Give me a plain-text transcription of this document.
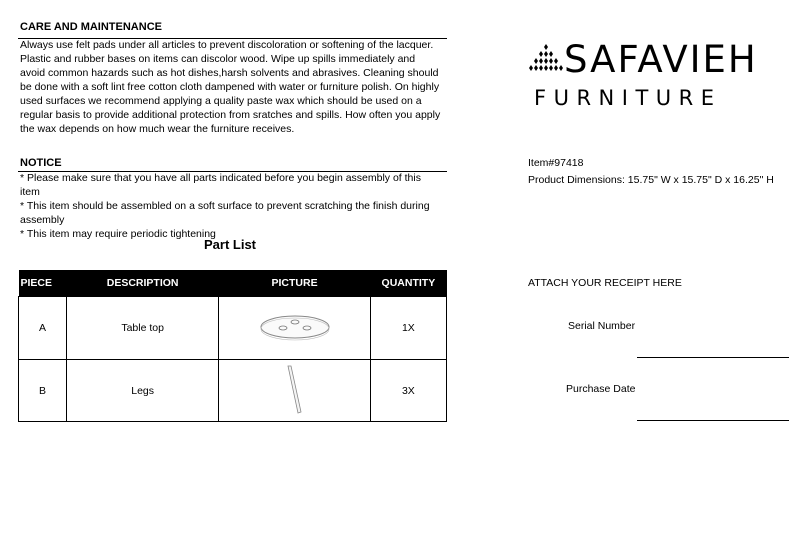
CARE AND MAINTENANCE
Always use felt pads under all articles to prevent discoloration or softening of the lacquer.
Plastic and rubber bases on items can discolor wood. Wipe up spills immediately and
avoid common hazards such as hot dishes,harsh solvents and abrasives. Cleaning should
be done with a soft lint free cotton cloth dampened with water or furniture polish. On highly
used surfaces we recommend applying a quality paste wax which should be used on a
regular basis to provide additional protection from sratches and spills. How often you apply
the wax depends on how much wear the furniture receives.
SAFAVIEH
FURNITURE
NOTICE
* Please make sure that you have all parts indicated before you begin assembly of this
item
* This item should be assembled on a soft surface to prevent scratching the finish during
assembly
* This item may require periodic tightening
Item#97418
Product Dimensions: 15.75" W x 15.75" D x 16.25" H
Part List
PIECE	DESCRIPTION	PICTURE	QUANTITY
A	Table top		1X
B	Legs		3X
ATTACH YOUR RECEIPT HERE
Serial Number
Purchase Date
